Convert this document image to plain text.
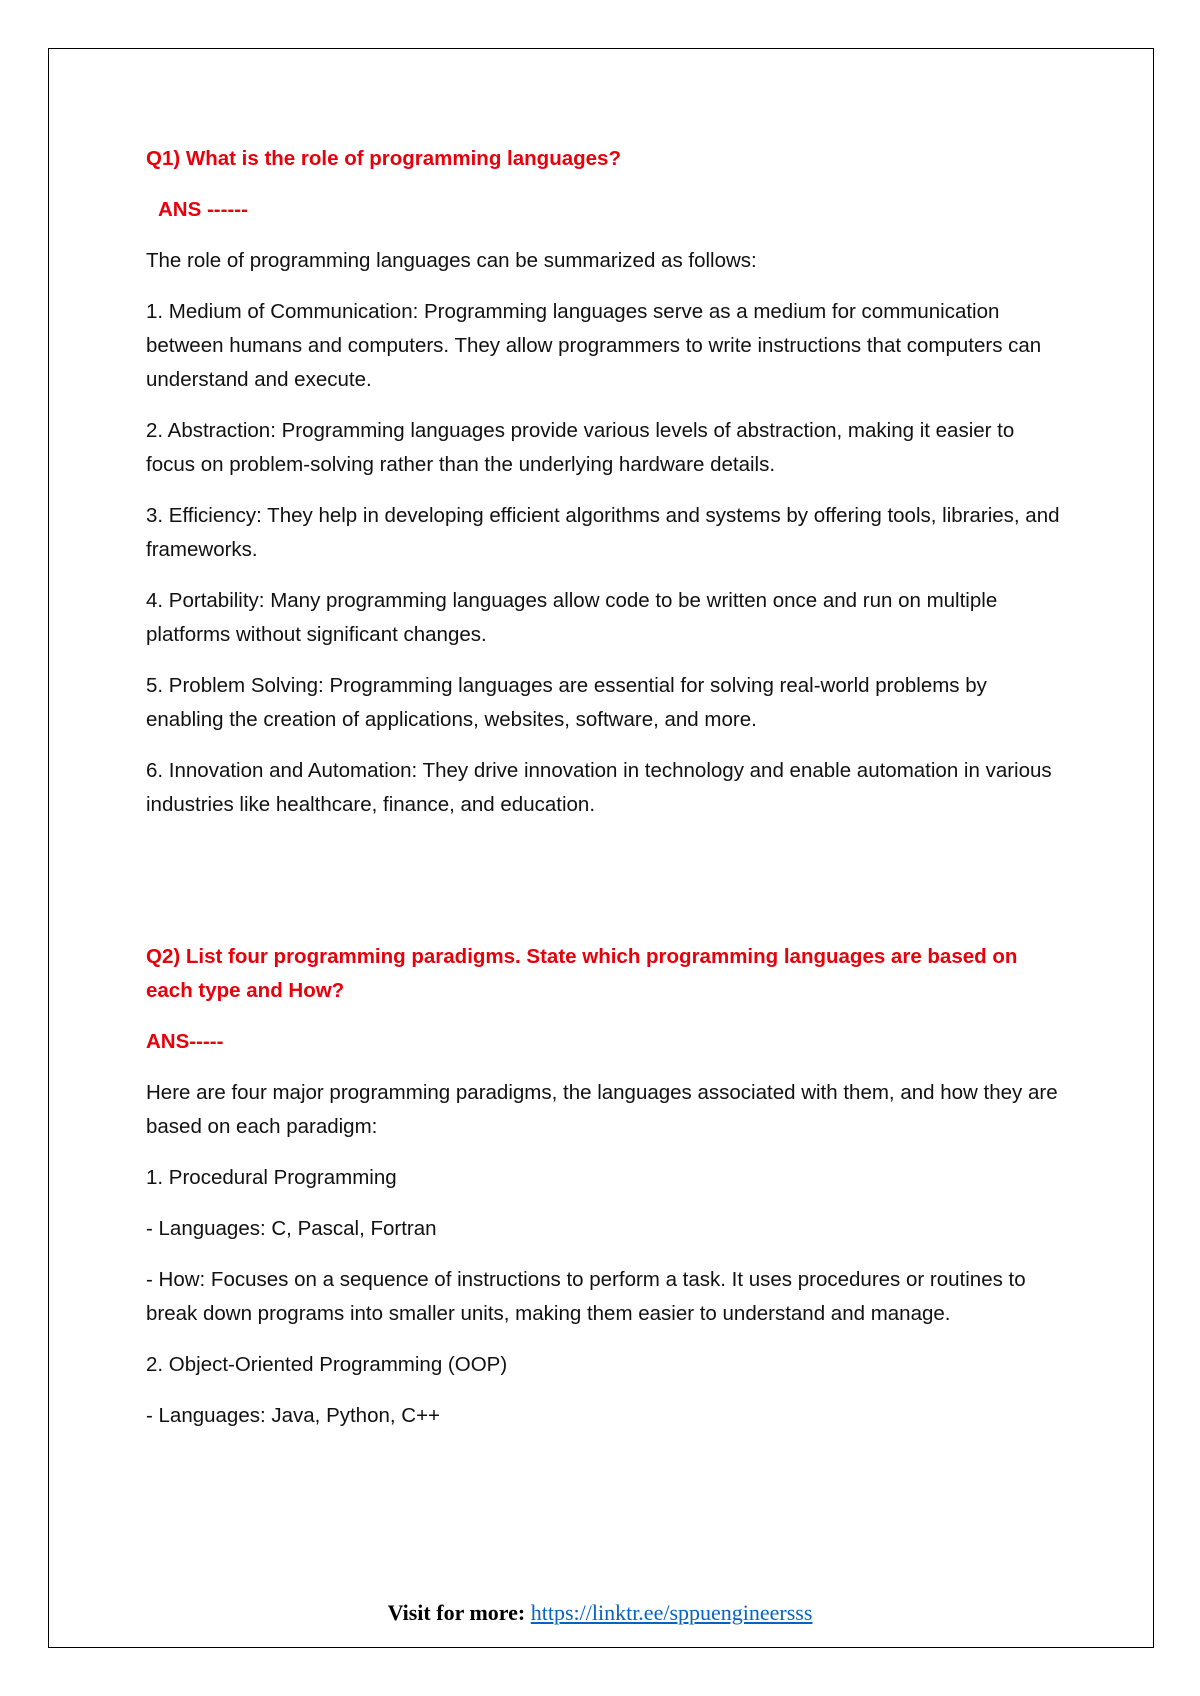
Q1) What is the role of programming languages?

ANS ------

The role of programming languages can be summarized as follows:

1. Medium of Communication: Programming languages serve as a medium for communication between humans and computers. They allow programmers to write instructions that computers can understand and execute.

2. Abstraction: Programming languages provide various levels of abstraction, making it easier to focus on problem-solving rather than the underlying hardware details.

3. Efficiency: They help in developing efficient algorithms and systems by offering tools, libraries, and frameworks.

4. Portability: Many programming languages allow code to be written once and run on multiple platforms without significant changes.

5. Problem Solving: Programming languages are essential for solving real-world problems by enabling the creation of applications, websites, software, and more.

6. Innovation and Automation: They drive innovation in technology and enable automation in various industries like healthcare, finance, and education.

Q2) List four programming paradigms. State which programming languages are based on each type and How?

ANS-----

Here are four major programming paradigms, the languages associated with them, and how they are based on each paradigm:

1. Procedural Programming

- Languages: C, Pascal, Fortran

- How: Focuses on a sequence of instructions to perform a task. It uses procedures or routines to break down programs into smaller units, making them easier to understand and manage.

2. Object-Oriented Programming (OOP)

- Languages: Java, Python, C++

Visit for more: https://linktr.ee/sppuengineersss
